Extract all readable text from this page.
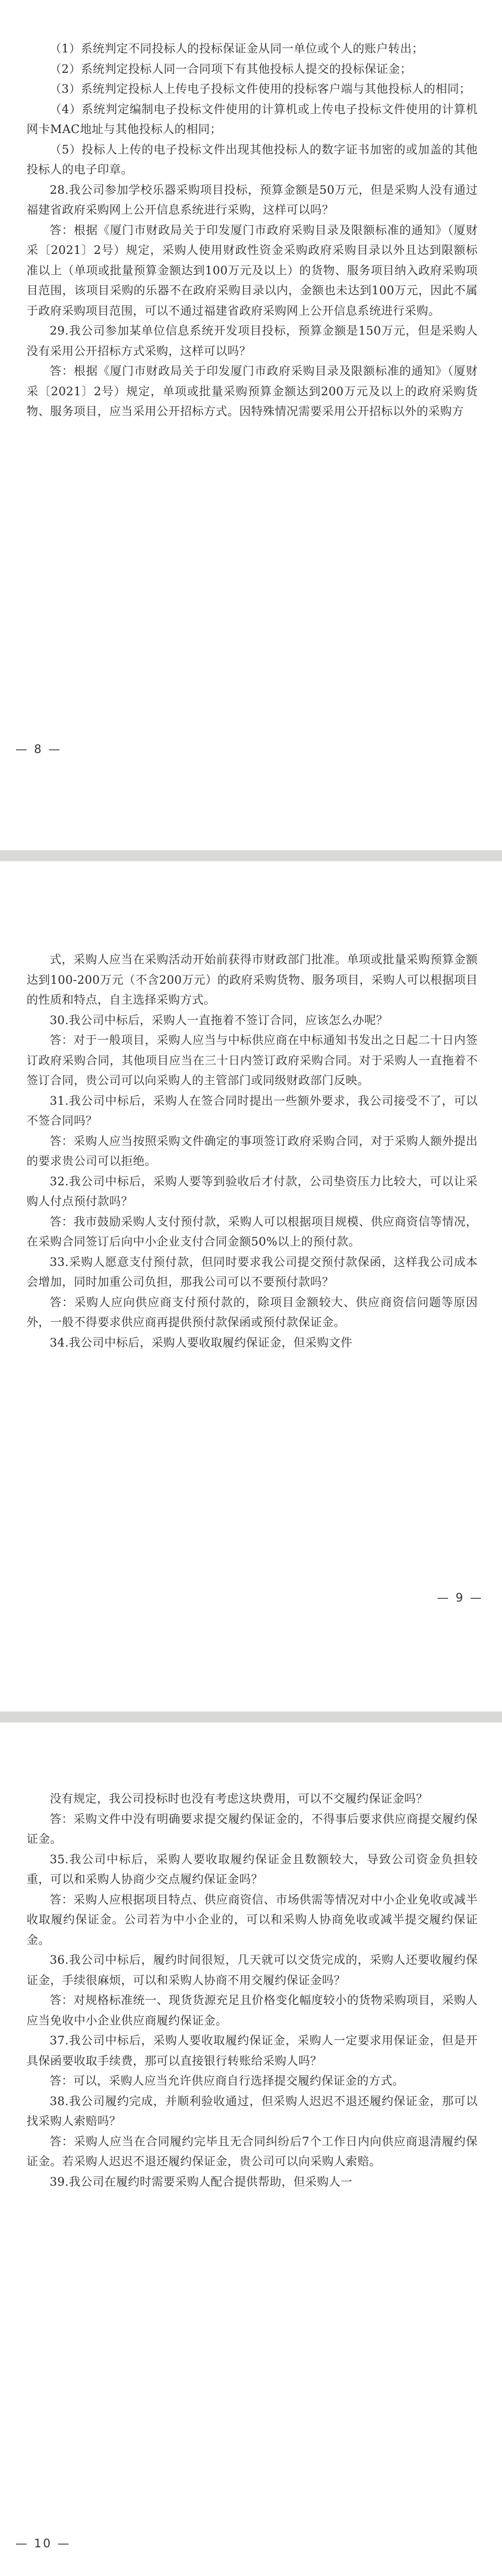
（1）系统判定不同投标人的投标保证金从同一单位或个人的账户转出；

（2）系统判定投标人同一合同项下有其他投标人提交的投标保证金；

（3）系统判定投标人上传电子投标文件使用的投标客户端与其他投标人的相同；

（4）系统判定编制电子投标文件使用的计算机或上传电子投标文件使用的计算机网卡MAC地址与其他投标人的相同；

（5）投标人上传的电子投标文件出现其他投标人的数字证书加密的或加盖的其他投标人的电子印章。

28.我公司参加学校乐器采购项目投标，预算金额是50万元，但是采购人没有通过福建省政府采购网上公开信息系统进行采购，这样可以吗？

答：根据《厦门市财政局关于印发厦门市政府采购目录及限额标准的通知》（厦财采〔2021〕2号）规定，采购人使用财政性资金采购政府采购目录以外且达到限额标准以上（单项或批量预算金额达到100万元及以上）的货物、服务项目纳入政府采购项目范围，该项目采购的乐器不在政府采购目录以内，金额也未达到100万元，因此不属于政府采购项目范围，可以不通过福建省政府采购网上公开信息系统进行采购。

29.我公司参加某单位信息系统开发项目投标，预算金额是150万元，但是采购人没有采用公开招标方式采购，这样可以吗？

答：根据《厦门市财政局关于印发厦门市政府采购目录及限额标准的通知》（厦财采〔2021〕2号）规定，单项或批量采购预算金额达到200万元及以上的政府采购货物、服务项目，应当采用公开招标方式。因特殊情况需要采用公开招标以外的采购方

— 8 —

式，采购人应当在采购活动开始前获得市财政部门批准。单项或批量采购预算金额达到100-200万元（不含200万元）的政府采购货物、服务项目，采购人可以根据项目的性质和特点，自主选择采购方式。

30.我公司中标后，采购人一直拖着不签订合同，应该怎么办呢？

答：对于一般项目，采购人应当与中标供应商在中标通知书发出之日起二十日内签订政府采购合同，其他项目应当在三十日内签订政府采购合同。对于采购人一直拖着不签订合同，贵公司可以向采购人的主管部门或同级财政部门反映。

31.我公司中标后，采购人在签合同时提出一些额外要求，我公司接受不了，可以不签合同吗？

答：采购人应当按照采购文件确定的事项签订政府采购合同，对于采购人额外提出的要求贵公司可以拒绝。

32.我公司中标后，采购人要等到验收后才付款，公司垫资压力比较大，可以让采购人付点预付款吗？

答：我市鼓励采购人支付预付款，采购人可以根据项目规模、供应商资信等情况，在采购合同签订后向中小企业支付合同金额50%以上的预付款。

33.采购人愿意支付预付款，但同时要求我公司提交预付款保函，这样我公司成本会增加，同时加重公司负担，那我公司可以不要预付款吗？

答：采购人应向供应商支付预付款的，除项目金额较大、供应商资信问题等原因外，一般不得要求供应商再提供预付款保函或预付款保证金。

34.我公司中标后，采购人要收取履约保证金，但采购文件

— 9 —

没有规定，我公司投标时也没有考虑这块费用，可以不交履约保证金吗？

答：采购文件中没有明确要求提交履约保证金的，不得事后要求供应商提交履约保证金。

35.我公司中标后，采购人要收取履约保证金且数额较大，导致公司资金负担较重，可以和采购人协商少交点履约保证金吗？

答：采购人应根据项目特点、供应商资信、市场供需等情况对中小企业免收或减半收取履约保证金。公司若为中小企业的，可以和采购人协商免收或减半提交履约保证金。

36.我公司中标后，履约时间很短，几天就可以交货完成的，采购人还要收履约保证金，手续很麻烦，可以和采购人协商不用交履约保证金吗？

答：对规格标准统一、现货货源充足且价格变化幅度较小的货物采购项目，采购人应当免收中小企业供应商履约保证金。

37.我公司中标后，采购人要收取履约保证金，采购人一定要求用保证金，但是开具保函要收取手续费，那可以直接银行转账给采购人吗？

答：可以，采购人应当允许供应商自行选择提交履约保证金的方式。

38.我公司履约完成，并顺利验收通过，但采购人迟迟不退还履约保证金，那可以找采购人索赔吗？

答：采购人应当在合同履约完毕且无合同纠纷后7个工作日内向供应商退清履约保证金。若采购人迟迟不退还履约保证金，贵公司可以向采购人索赔。

39.我公司在履约时需要采购人配合提供帮助，但采购人一

— 10 —
